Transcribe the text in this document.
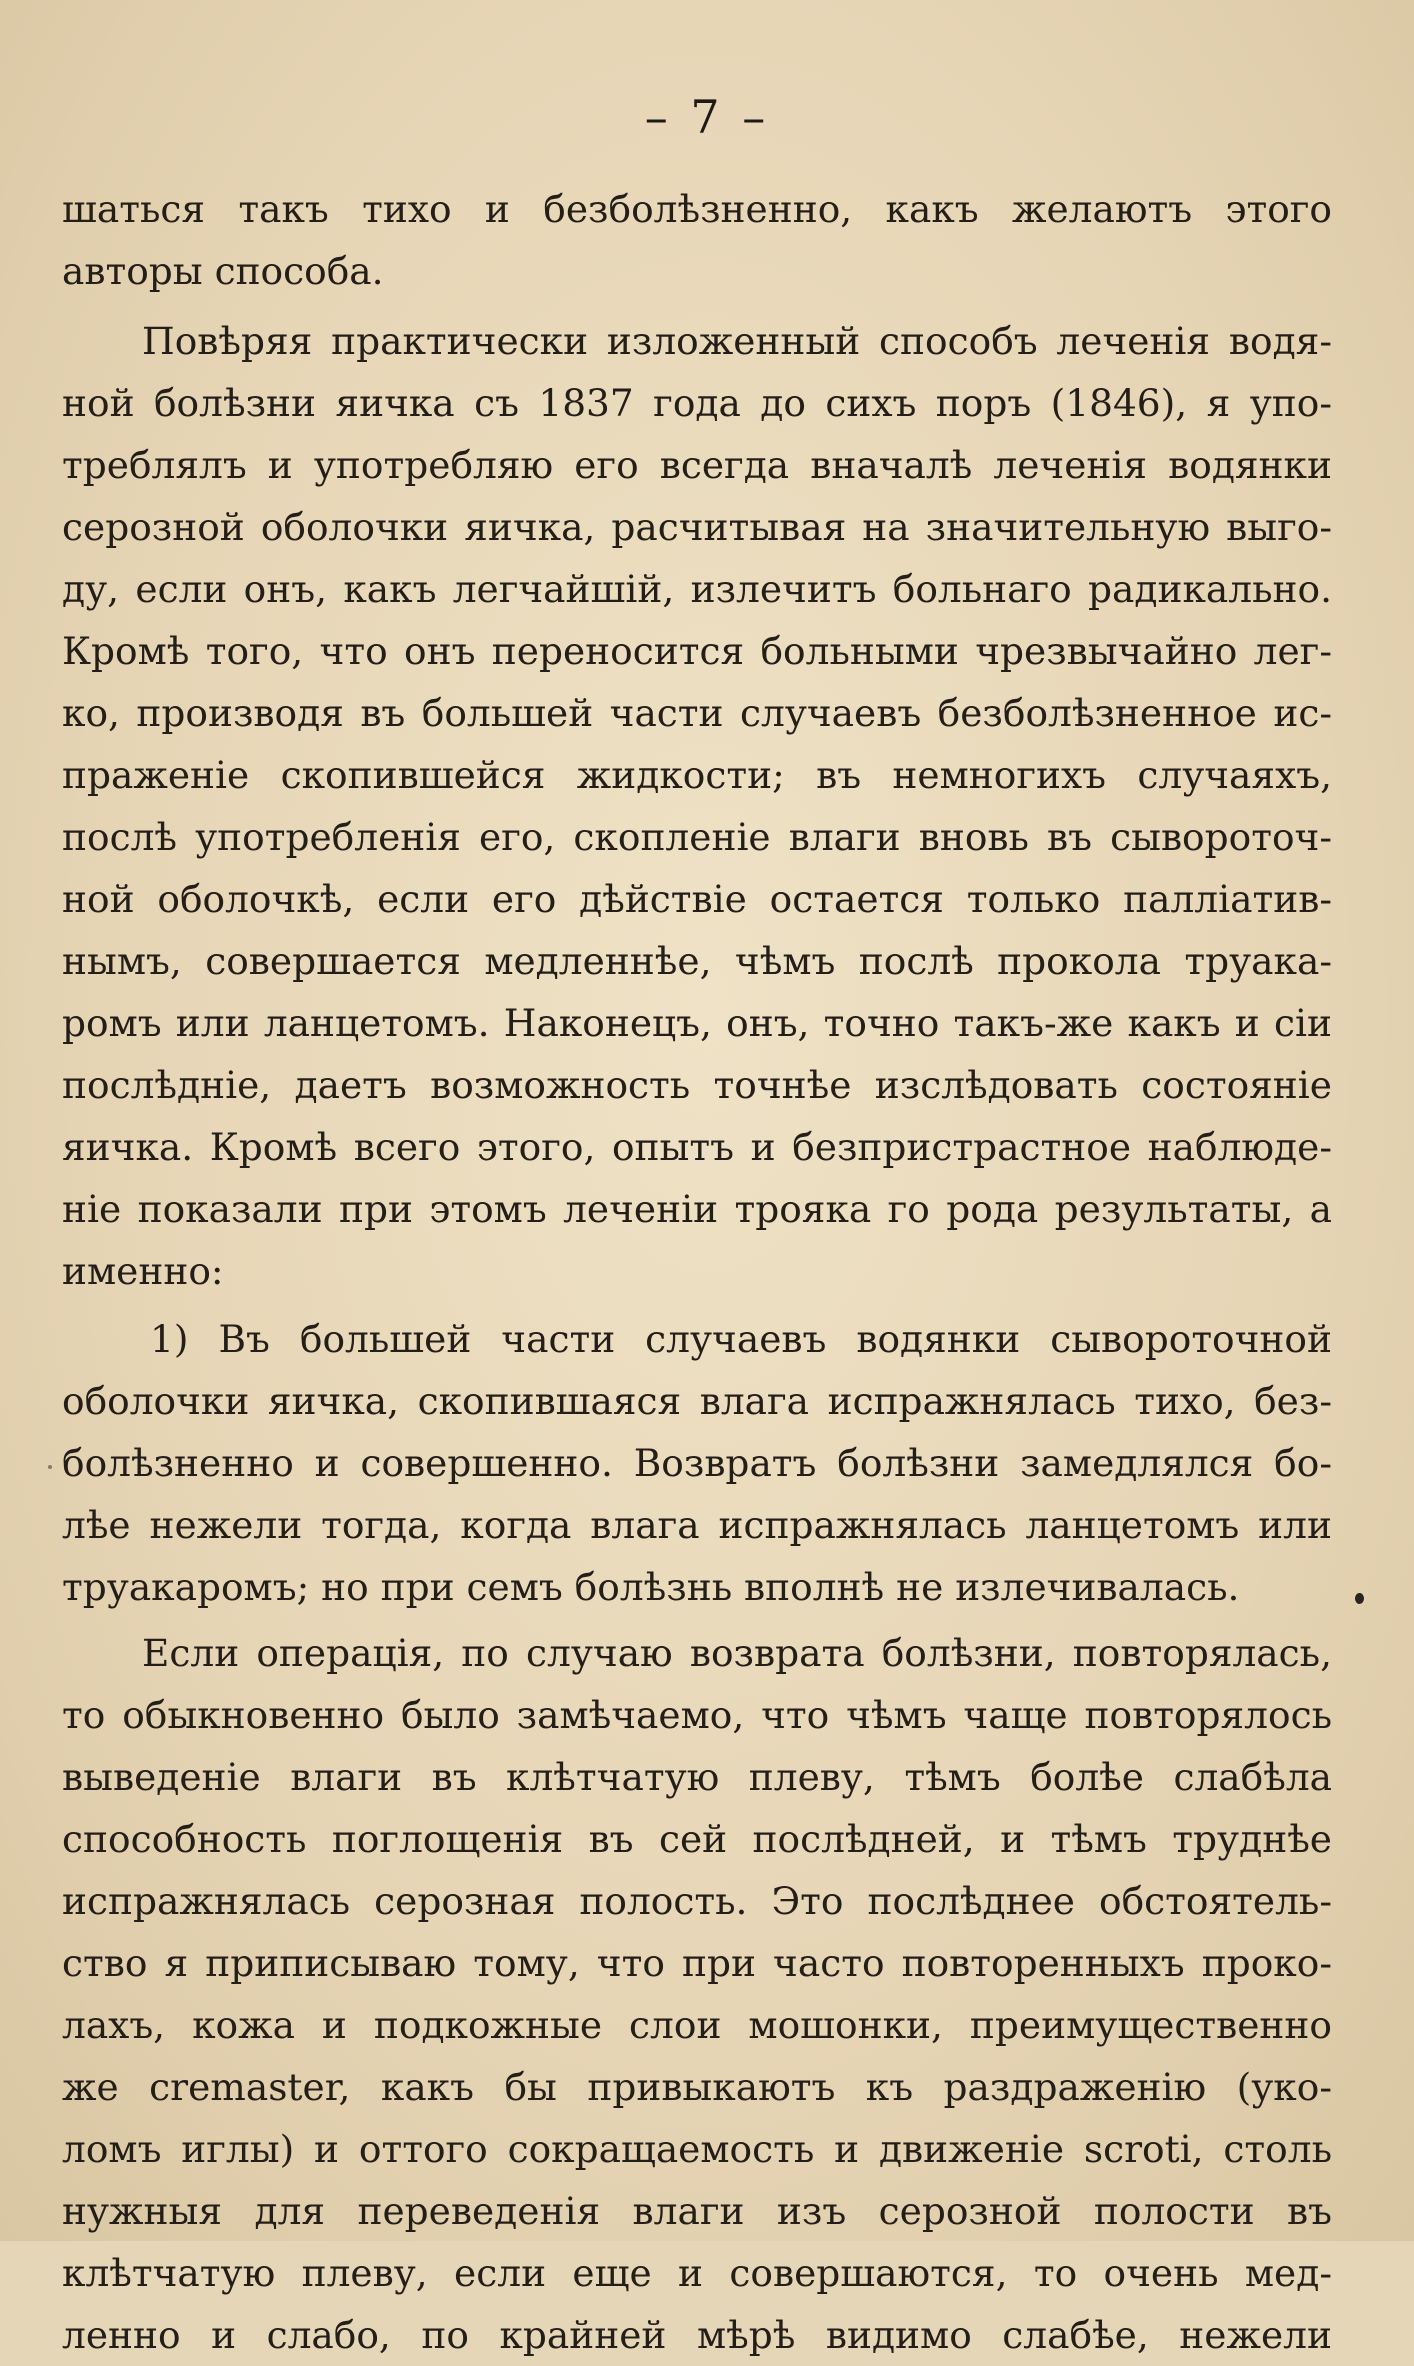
– 7 –
шаться такъ тихо и безболѣзненно, какъ желаютъ этого
авторы способа.
Повѣряя практически изложенный способъ леченія водя-
ной болѣзни яичка съ 1837 года до сихъ поръ (1846), я упо-
треблялъ и употребляю его всегда вначалѣ леченія водянки
серозной оболочки яичка, расчитывая на значительную выго-
ду, если онъ, какъ легчайшій, излечитъ больнаго радикально.
Кромѣ того, что онъ переносится больными чрезвычайно лег-
ко, производя въ большей части случаевъ безболѣзненное ис-
праженіе скопившейся жидкости; въ немногихъ случаяхъ,
послѣ употребленія его, скопленіе влаги вновь въ сывороточ-
ной оболочкѣ, если его дѣйствіе остается только палліатив-
нымъ, совершается медленнѣе, чѣмъ послѣ прокола труака-
ромъ или ланцетомъ. Наконецъ, онъ, точно такъ-же какъ и сіи
послѣдніе, даетъ возможность точнѣе изслѣдовать состояніе
яичка. Кромѣ всего этого, опытъ и безпристрастное наблюде-
ніе показали при этомъ леченіи трояка го рода результаты, а
именно:
1) Въ большей части случаевъ водянки сывороточной
оболочки яичка, скопившаяся влага испражнялась тихо, без-
болѣзненно и совершенно. Возвратъ болѣзни замедлялся бо-
лѣе нежели тогда, когда влага испражнялась ланцетомъ или
труакаромъ; но при семъ болѣзнь вполнѣ не излечивалась.
Если операція, по случаю возврата болѣзни, повторялась,
то обыкновенно было замѣчаемо, что чѣмъ чаще повторялось
выведеніе влаги въ клѣтчатую плеву, тѣмъ болѣе слабѣла
способность поглощенія въ сей послѣдней, и тѣмъ труднѣе
испражнялась серозная полость. Это послѣднее обстоятель-
ство я приписываю тому, что при часто повторенныхъ проко-
лахъ, кожа и подкожные слои мошонки, преимущественно
же cremaster, какъ бы привыкаютъ къ раздраженію (уко-
ломъ иглы) и оттого сокращаемость и движеніе scroti, столь
нужныя для переведенія влаги изъ серозной полости въ
клѣтчатую плеву, если еще и совершаются, то очень мед-
ленно и слабо, по крайней мѣрѣ видимо слабѣе, нежели
